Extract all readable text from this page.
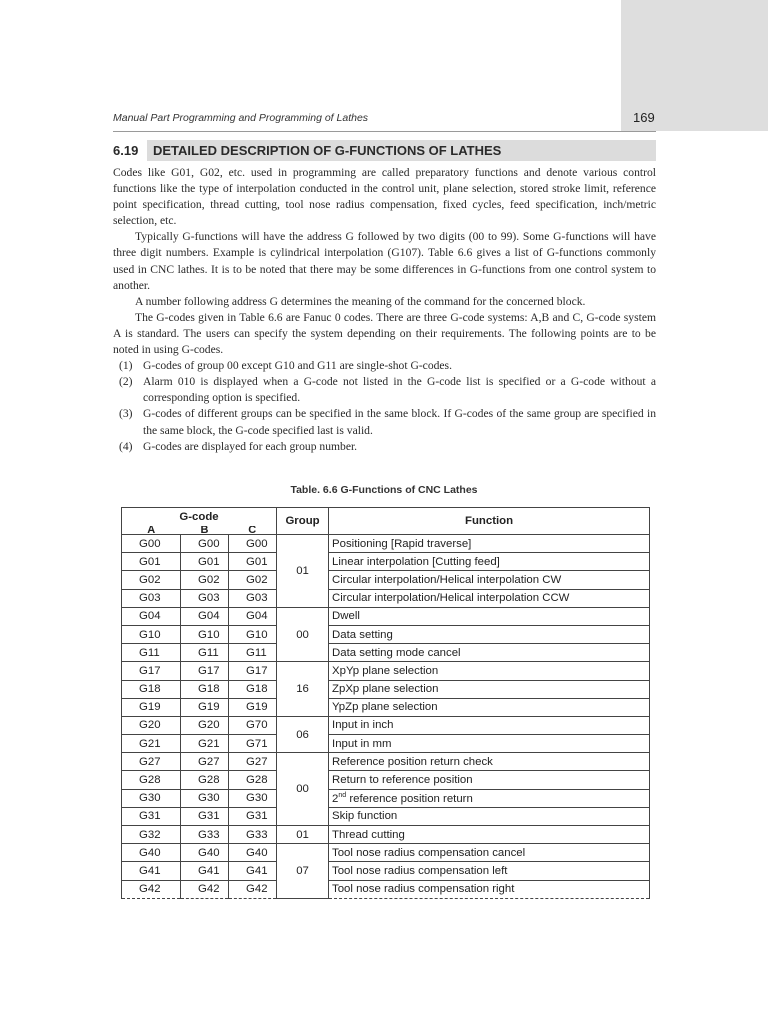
Manual Part Programming and Programming of Lathes	169
6.19	DETAILED DESCRIPTION OF G-FUNCTIONS OF LATHES

Codes like G01, G02, etc. used in programming are called preparatory functions and denote various control functions like the type of interpolation conducted in the control unit, plane selection, stored stroke limit, reference point specification, thread cutting, tool nose radius compensation, fixed cycles, feed specification, inch/metric selection, etc.

Typically G-functions will have the address G followed by two digits (00 to 99). Some G-functions will have three digit numbers. Example is cylindrical interpolation (G107). Table 6.6 gives a list of G-functions commonly used in CNC lathes. It is to be noted that there may be some differences in G-functions from one control system to another.

A number following address G determines the meaning of the command for the concerned block.

The G-codes given in Table 6.6 are Fanuc 0 codes. There are three G-code systems: A,B and C, G-code system A is standard. The users can specify the system depending on their requirements. The following points are to be noted in using G-codes.

(1) G-codes of group 00 except G10 and G11 are single-shot G-codes.
(2) Alarm 010 is displayed when a G-code not listed in the G-code list is specified or a G-code without a corresponding option is specified.
(3) G-codes of different groups can be specified in the same block. If G-codes of the same group are specified in the same block, the G-code specified last is valid.
(4) G-codes are displayed for each group number.
Table. 6.6 G-Functions of CNC Lathes
G-code			Group	Function
A	B	C		
G00	G00	G00	01	Positioning [Rapid traverse]
G01	G01	G01		Linear interpolation [Cutting feed]
G02	G02	G02		Circular interpolation/Helical interpolation CW
G03	G03	G03		Circular interpolation/Helical interpolation CCW
G04	G04	G04	00	Dwell
G10	G10	G10		Data setting
G11	G11	G11		Data setting mode cancel
G17	G17	G17	16	XpYp plane selection
G18	G18	G18		ZpXp plane selection
G19	G19	G19		YpZp plane selection
G20	G20	G70	06	Input in inch
G21	G21	G71		Input in mm
G27	G27	G27	00	Reference position return check
G28	G28	G28		Return to reference position
G30	G30	G30		2nd reference position return
G31	G31	G31		Skip function
G32	G33	G33	01	Thread cutting
G40	G40	G40	07	Tool nose radius compensation cancel
G41	G41	G41		Tool nose radius compensation left
G42	G42	G42		Tool nose radius compensation right
